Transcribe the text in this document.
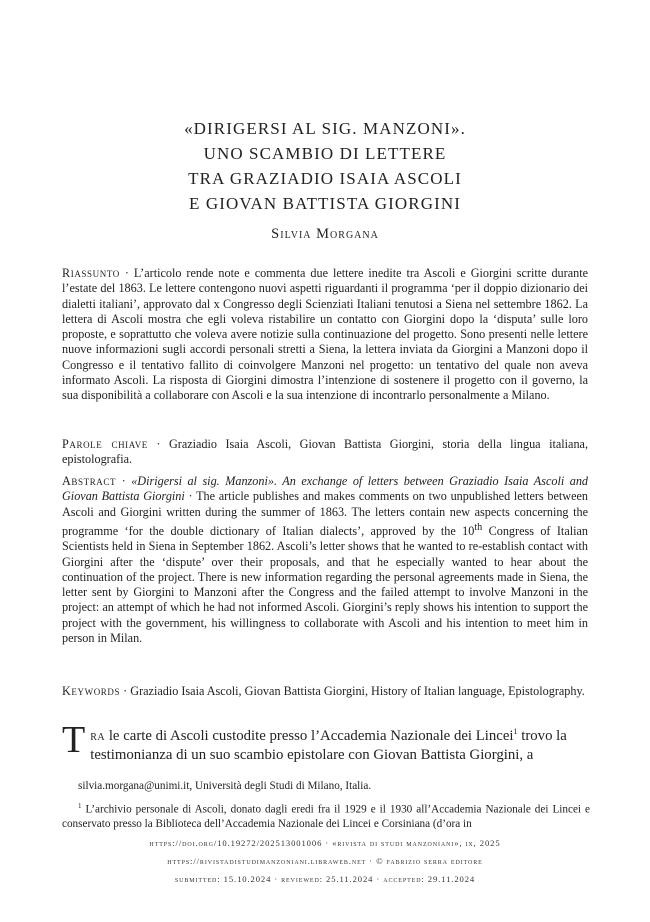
«DIRIGERSI AL SIG. MANZONI».
UNO SCAMBIO DI LETTERE
TRA GRAZIADIO ISAIA ASCOLI
E GIOVAN BATTISTA GIORGINI
Silvia Morgana
Riassunto · L’articolo rende note e commenta due lettere inedite tra Ascoli e Giorgini scritte durante l’estate del 1863. Le lettere contengono nuovi aspetti riguardanti il programma ‘per il doppio dizionario dei dialetti italiani’, approvato dal x Congresso degli Scienziati Italiani tenutosi a Siena nel settembre 1862. La lettera di Ascoli mostra che egli voleva ristabilire un contatto con Giorgini dopo la ‘disputa’ sulle loro proposte, e soprattutto che voleva avere notizie sulla continuazione del progetto. Sono presenti nelle lettere nuove informazioni sugli accordi personali stretti a Siena, la lettera inviata da Giorgini a Manzoni dopo il Congresso e il tentativo fallito di coinvolgere Manzoni nel progetto: un tentativo del quale non aveva informato Ascoli. La risposta di Giorgini dimostra l’intenzione di sostenere il progetto con il governo, la sua disponibilità a collaborare con Ascoli e la sua intenzione di incontrarlo personalmente a Milano.
Parole chiave · Graziadio Isaia Ascoli, Giovan Battista Giorgini, storia della lingua italiana, epistolografia.
Abstract · «Dirigersi al sig. Manzoni». An exchange of letters between Graziadio Isaia Ascoli and Giovan Battista Giorgini · The article publishes and makes comments on two unpublished letters between Ascoli and Giorgini written during the summer of 1863. The letters contain new aspects concerning the programme ‘for the double dictionary of Italian dialects’, approved by the 10th Congress of Italian Scientists held in Siena in September 1862. Ascoli’s letter shows that he wanted to re-establish contact with Giorgini after the ‘dispute’ over their proposals, and that he especially wanted to hear about the continuation of the project. There is new information regarding the personal agreements made in Siena, the letter sent by Giorgini to Manzoni after the Congress and the failed attempt to involve Manzoni in the project: an attempt of which he had not informed Ascoli. Giorgini’s reply shows his intention to support the project with the government, his willingness to collaborate with Ascoli and his intention to meet him in person in Milan.
Keywords · Graziadio Isaia Ascoli, Giovan Battista Giorgini, History of Italian language, Epistolography.
Tra le carte di Ascoli custodite presso l’Accademia Nazionale dei Lincei$^1$ trovo la testimonianza di un suo scambio epistolare con Giovan Battista Giorgini, a
silvia.morgana@unimi.it, Università degli Studi di Milano, Italia.
$^1$ L’archivio personale di Ascoli, donato dagli eredi fra il 1929 e il 1930 all’Accademia Nazionale dei Lincei e conservato presso la Biblioteca dell’Accademia Nazionale dei Lincei e Corsiniana (d’ora in
https://doi.org/10.19272/202513001006 · «rivista di studi manzoniani», ix, 2025
https://rivistadistudimanzoniani.libraweb.net · © fabrizio serra editore
submitted: 15.10.2024 · reviewed: 25.11.2024 · accepted: 29.11.2024
